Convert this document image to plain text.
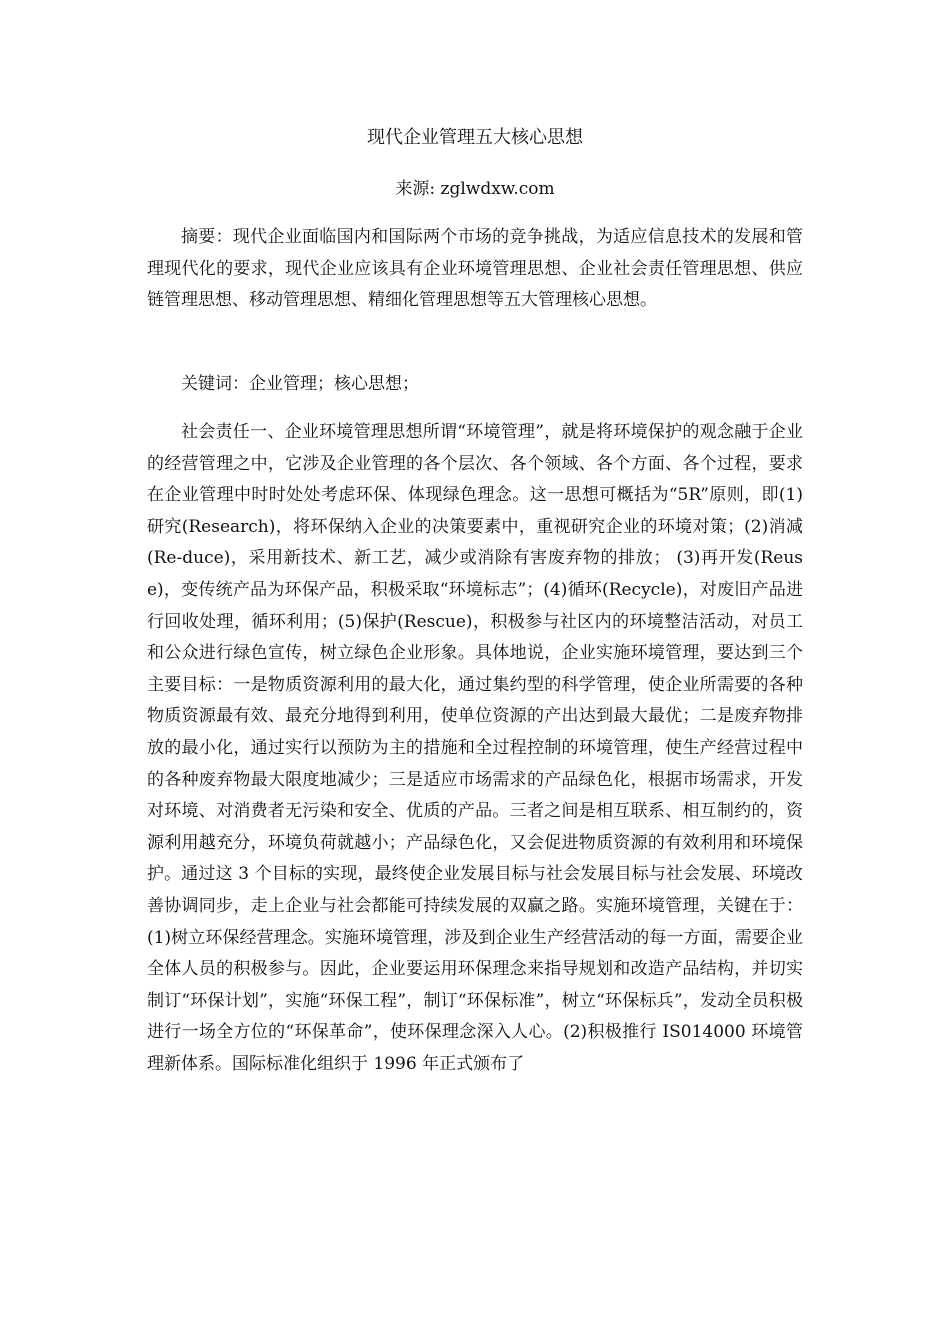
现代企业管理五大核心思想

来源: zglwdxw.com

摘要：现代企业面临国内和国际两个市场的竞争挑战，为适应信息技术的发展和管理现代化的要求，现代企业应该具有企业环境管理思想、企业社会责任管理思想、供应链管理思想、移动管理思想、精细化管理思想等五大管理核心思想。

关键词：企业管理；核心思想；

社会责任一、企业环境管理思想所谓“环境管理”，就是将环境保护的观念融于企业的经营管理之中，它涉及企业管理的各个层次、各个领域、各个方面、各个过程，要求在企业管理中时时处处考虑环保、体现绿色理念。这一思想可概括为“5R”原则，即(1)研究(Research)，将环保纳入企业的决策要素中，重视研究企业的环境对策；(2)消减(Re-duce)，采用新技术、新工艺，减少或消除有害废弃物的排放； (3)再开发(Reuse)，变传统产品为环保产品，积极采取“环境标志”；(4)循环(Recycle)，对废旧产品进行回收处理，循环利用；(5)保护(Rescue)，积极参与社区内的环境整洁活动，对员工和公众进行绿色宣传，树立绿色企业形象。具体地说，企业实施环境管理，要达到三个主要目标：一是物质资源利用的最大化，通过集约型的科学管理，使企业所需要的各种物质资源最有效、最充分地得到利用，使单位资源的产出达到最大最优；二是废弃物排放的最小化，通过实行以预防为主的措施和全过程控制的环境管理，使生产经营过程中的各种废弃物最大限度地减少；三是适应市场需求的产品绿色化，根据市场需求，开发对环境、对消费者无污染和安全、优质的产品。三者之间是相互联系、相互制约的，资源利用越充分，环境负荷就越小；产品绿色化，又会促进物质资源的有效利用和环境保护。通过这 3 个目标的实现，最终使企业发展目标与社会发展目标与社会发展、环境改善协调同步，走上企业与社会都能可持续发展的双赢之路。实施环境管理，关键在于：(1)树立环保经营理念。实施环境管理，涉及到企业生产经营活动的每一方面，需要企业全体人员的积极参与。因此，企业要运用环保理念来指导规划和改造产品结构，并切实制订“环保计划”，实施“环保工程”，制订“环保标准”，树立“环保标兵”，发动全员积极进行一场全方位的“环保革命”，使环保理念深入人心。(2)积极推行 IS014000 环境管理新体系。国际标准化组织于 1996 年正式颁布了
